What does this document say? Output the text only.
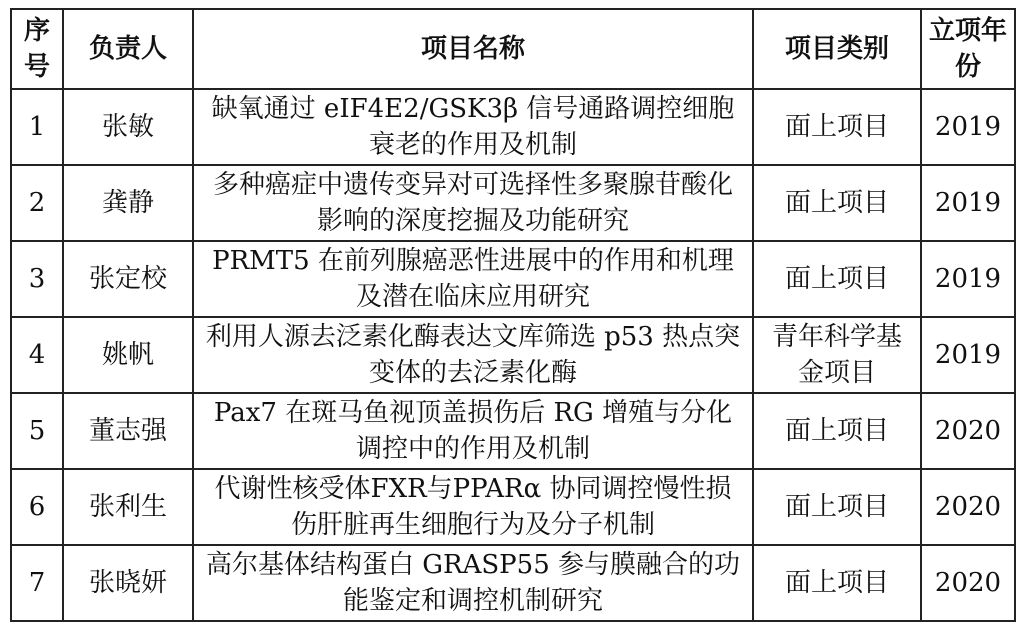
序号	负责人	项目名称	项目类别	立项年份
1	张敏	缺氧通过 eIF4E2/GSK3β 信号通路调控细胞衰老的作用及机制	面上项目	2019
2	龚静	多种癌症中遗传变异对可选择性多聚腺苷酸化影响的深度挖掘及功能研究	面上项目	2019
3	张定校	PRMT5 在前列腺癌恶性进展中的作用和机理及潜在临床应用研究	面上项目	2019
4	姚帆	利用人源去泛素化酶表达文库筛选 p53 热点突变体的去泛素化酶	青年科学基金项目	2019
5	董志强	Pax7 在斑马鱼视顶盖损伤后 RG 增殖与分化调控中的作用及机制	面上项目	2020
6	张利生	代谢性核受体FXR与PPARα 协同调控慢性损伤肝脏再生细胞行为及分子机制	面上项目	2020
7	张晓妍	高尔基体结构蛋白 GRASP55 参与膜融合的功能鉴定和调控机制研究	面上项目	2020
